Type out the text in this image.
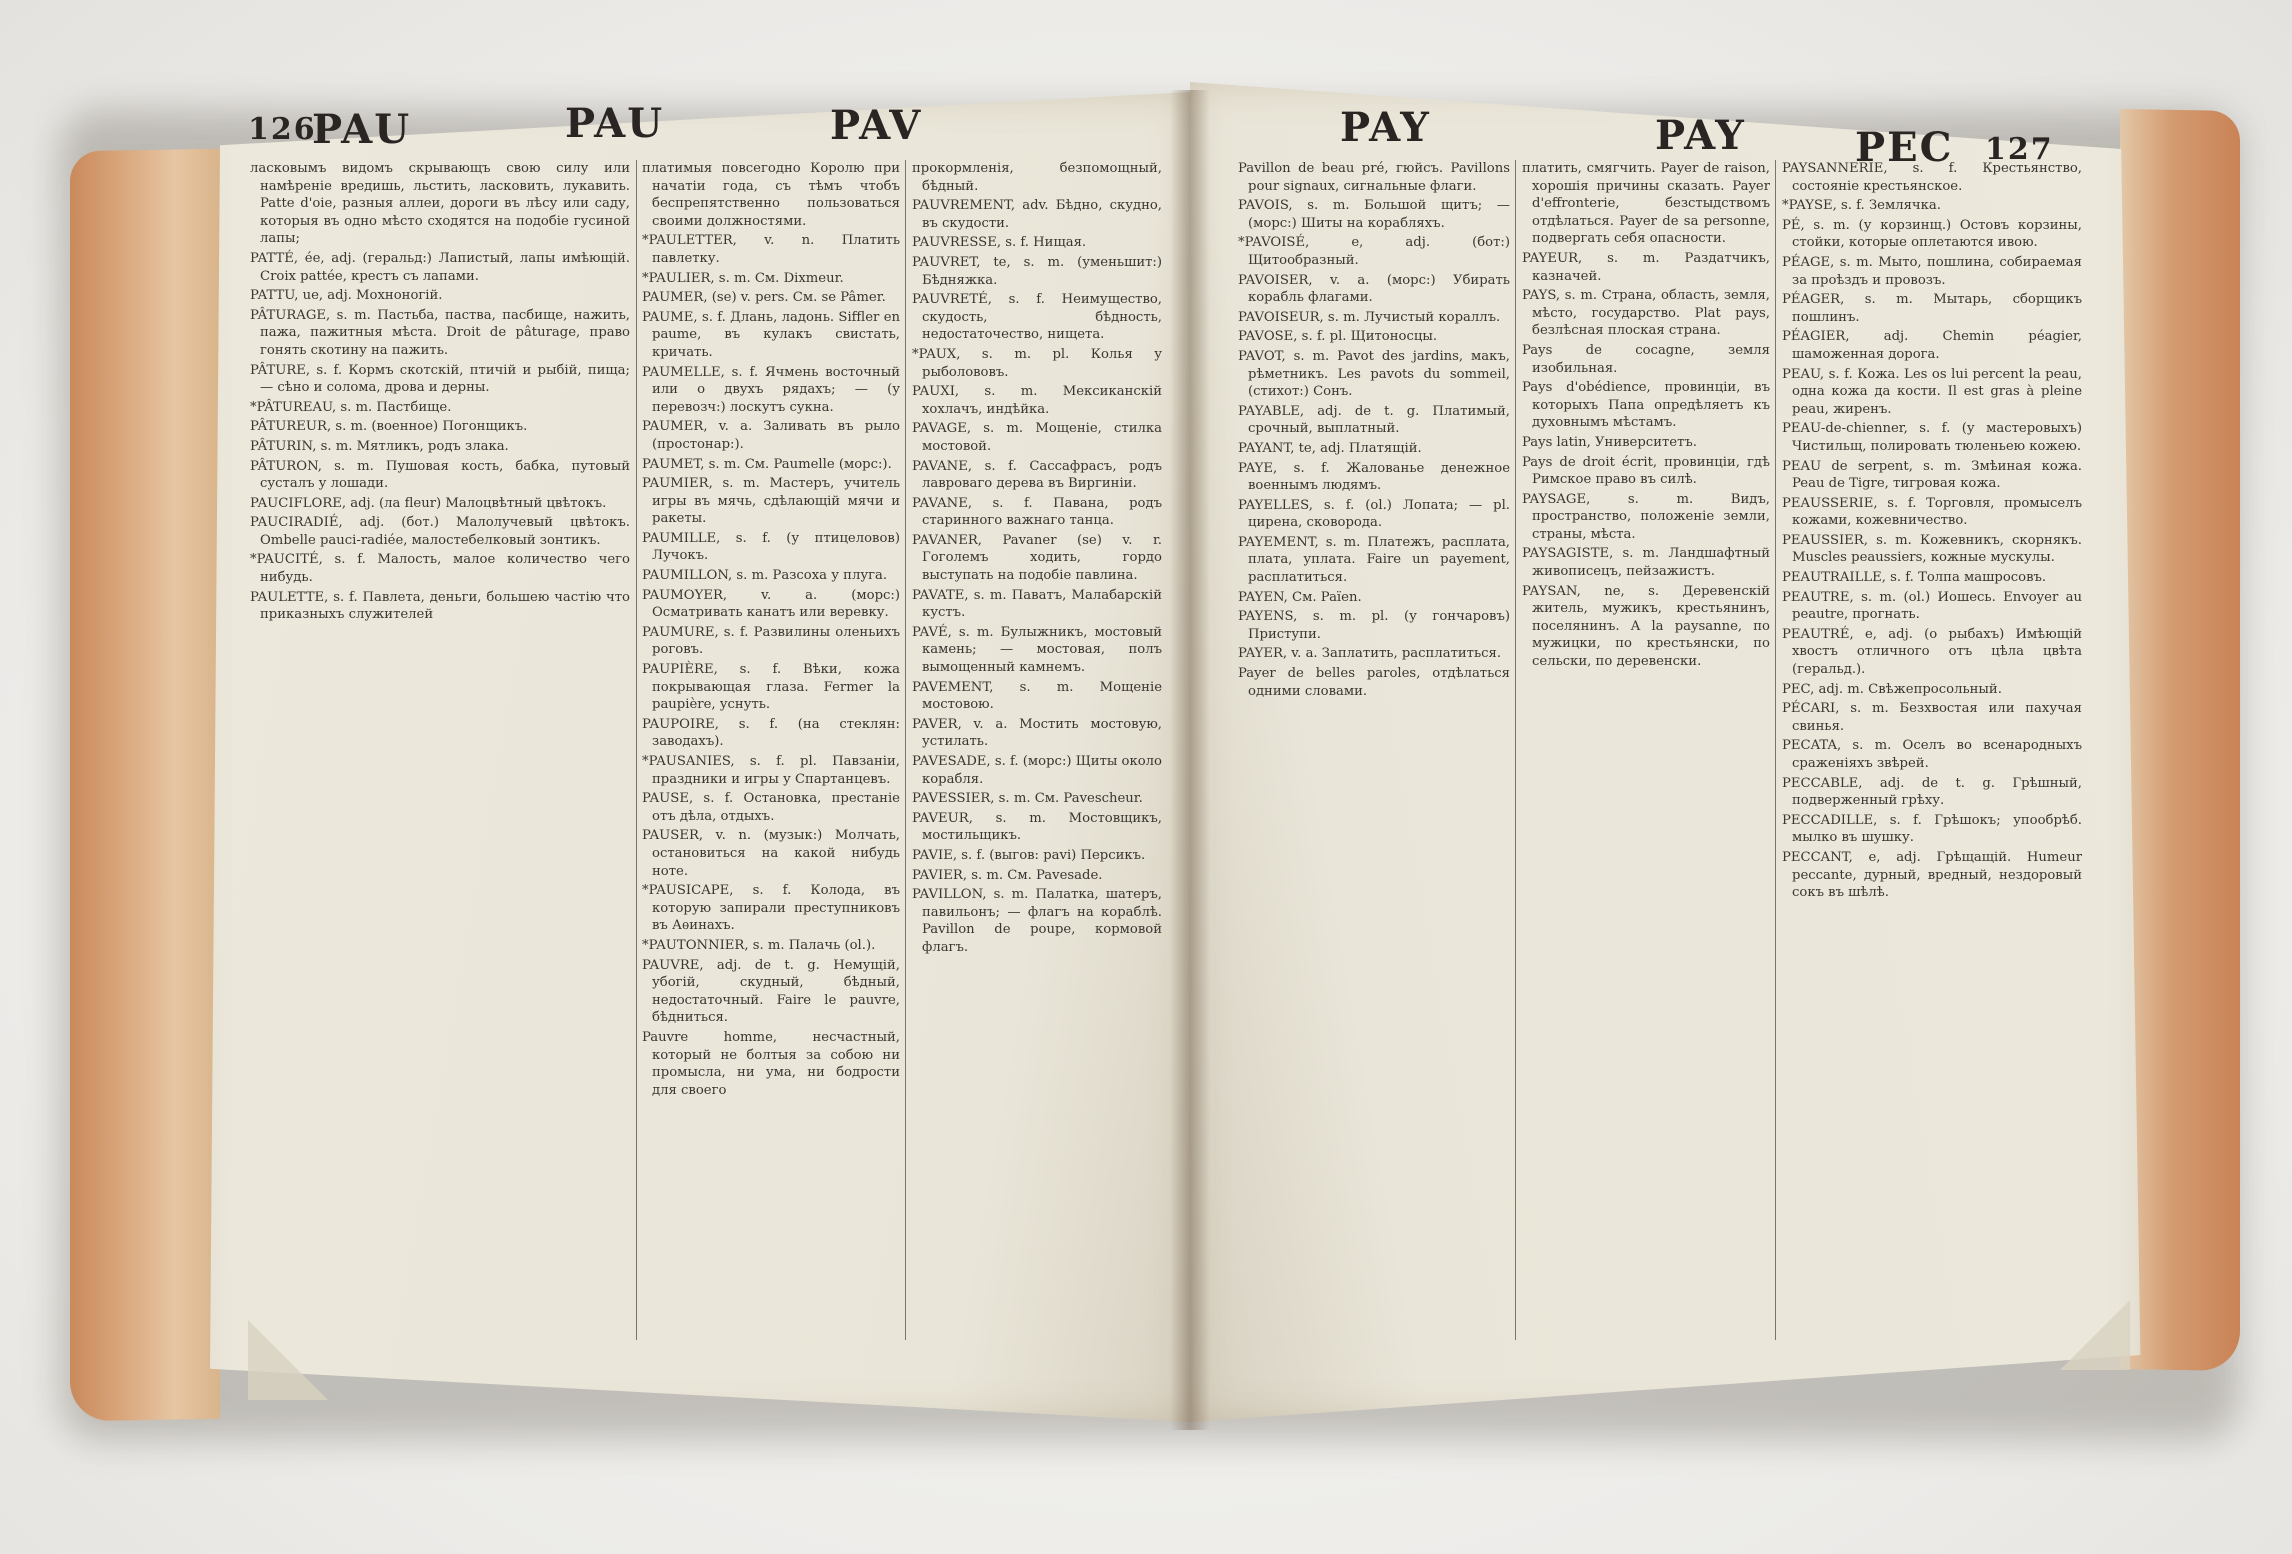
126
PAU	PAU	PAV	PAY	PAY	PEC 127

ласковымъ видомъ скрывающъ свою силу или намѣреніе вредишь, льстить, ласковить, лукавить. Patte d'oie, разныя аллеи, дороги въ лѣсу или саду, которыя въ одно мѣсто сходятся на подобіе гусиной лапы;

PATTÉ, ée, adj. (геральд:) Лапистый, лапы имѣющій. Croix pattée, крестъ съ лапами.

PATTU, ue, adj. Мохноногій.

PÂTURAGE, s. m. Пастьба, паства, пасбище, нажить, пажа, пажитныя мѣста. Droit de pâturage, право гонять скотину на пажить.

PÂTURE, s. f. Кормъ скотскій, птичій и рыбій, пища; — сѣно и солома, дрова и дерны.

*PÂTUREAU, s. m. Пастбище.

PÂTUREUR, s. m. (военное) Погонщикъ.

PÂTURIN, s. m. Мятликъ, родъ злака.

PÂTURON, s. m. Пушовая кость, бабка, путовый сусталъ у лошади.

PAUCIFLORE, adj. (ла fleur) Малоцвѣтный цвѣтокъ.

PAUCIRADIÉ, adj. (бот.) Малолучевый цвѣтокъ. Ombelle pauci-radiée, малостебелковый зонтикъ.

*PAUCITÉ, s. f. Малость, малое количество чего нибудь.

PAULETTE, s. f. Павлета, деньги, большею частію что приказныхъ служителей

платимыя повсегодно Королю при начатіи года, съ тѣмъ чтобъ беспрепятственно пользоваться своими должностями.

*PAULETTER, v. n. Платить павлетку.

*PAULIER, s. m. См. Dixmeur.

PAUMER, (se) v. pers. См. se Pâmer.

PAUME, s. f. Длань, ладонь. Siffler en paume, въ кулакъ свистать, кричать.

PAUMELLE, s. f. Ячмень восточный или о двухъ рядахъ; — (у перевозч:) лоскутъ сукна.

PAUMER, v. a. Заливать въ рыло (простонар:).

PAUMET, s. m. См. Paumelle (морс:).

PAUMIER, s. m. Мастеръ, учитель игры въ мячь, сдѣлающій мячи и ракеты.

PAUMILLE, s. f. (у птицеловов) Лучокъ.

PAUMILLON, s. m. Разсоха у плуга.

PAUMOYER, v. a. (морс:) Осматривать канатъ или веревку.

PAUMURE, s. f. Развилины оленьихъ роговъ.

PAUPIÈRE, s. f. Вѣки, кожа покрывающая глаза. Fermer la paupière, уснуть.

PAUPOIRE, s. f. (на стеклян: заводахъ).

*PAUSANIES, s. f. pl. Павзаніи, праздники и игры у Спартанцевъ.

PAUSE, s. f. Остановка, престаніе отъ дѣла, отдыхъ.

PAUSER, v. n. (музык:) Молчать, остановиться на какой нибудь ноте.

*PAUSICAPE, s. f. Колода, въ которую запирали преступниковъ въ Аѳинахъ.

*PAUTONNIER, s. m. Палачь (ol.).

PAUVRE, adj. de t. g. Немущій, убогій, скудный, бѣдный, недостаточный. Faire le pauvre, бѣдниться.

Pauvre homme, несчастный, который не болтыя за собою ни промысла, ни ума, ни бодрости для своего

прокормленія, безпомощный, бѣдный.

PAUVREMENT, adv. Бѣдно, скудно, въ скудости.

PAUVRESSE, s. f. Нищая.

PAUVRET, te, s. m. (уменьшит:) Бѣдняжка.

PAUVRETÉ, s. f. Неимущество, скудость, бѣдность, недостаточество, нищета.

*PAUX, s. m. pl. Колья у рыболововъ.

PAUXI, s. m. Мексиканскій хохлачъ, индѣйка.

PAVAGE, s. m. Мощеніе, стилка мостовой.

PAVANE, s. f. Сассафрасъ, родъ лавроваго дерева въ Виргиніи.

PAVANE, s. f. Павана, родъ старинного важнаго танца.

PAVANER, Pavaner (se) v. r. Гоголемъ ходить, гордо выступать на подобіе павлина.

PAVATE, s. m. Паватъ, Малабарскій кустъ.

PAVÉ, s. m. Булыжникъ, мостовый камень; — мостовая, полъ вымощенный камнемъ.

PAVEMENT, s. m. Мощеніе мостовою.

PAVER, v. a. Мостить мостовую, устилать.

PAVESADE, s. f. (морс:) Щиты около корабля.

PAVESSIER, s. m. См. Pavescheur.

PAVEUR, s. m. Мостовщикъ, мостильщикъ.

PAVIE, s. f. (выгов: pavi) Персикъ.

PAVIER, s. m. См. Pavesade.

PAVILLON, s. m. Палатка, шатеръ, павильонъ; — флагъ на кораблѣ. Pavillon de poupe, кормовой флагъ.

Pavillon de beau pré, гюйсъ. Pavillons pour signaux, сигнальные флаги.

PAVOIS, s. m. Большой щитъ; — (морс:) Шиты на корабляхъ.

*PAVOISÉ, e, adj. (бот:) Щитообразный.

PAVOISER, v. a. (морс:) Убирать корабль флагами.

PAVOISEUR, s. m. Лучистый кораллъ.

PAVOSE, s. f. pl. Щитоносцы.

PAVOT, s. m. Pavot des jardins, макъ, рѣметникъ. Les pavots du sommeil, (стихот:) Сонъ.

PAYABLE, adj. de t. g. Платимый, срочный, выплатный.

PAYANT, te, adj. Платящій.

PAYE, s. f. Жалованье денежное военнымъ людямъ.

PAYELLES, s. f. (ol.) Лопата; — pl. цирена, сковорода.

PAYEMENT, s. m. Платежъ, расплата, плата, уплата. Faire un payement, расплатиться.

PAYEN, См. Païen.

PAYENS, s. m. pl. (у гончаровъ) Приступи.

PAYER, v. a. Заплатить, расплатиться.

Payer de belles paroles, отдѣлаться одними словами.

платить, смягчить. Payer de raison, хорошія причины сказать. Payer d'effronterie, безстыдствомъ отдѣлаться. Payer de sa personne, подвергать себя опасности.

PAYEUR, s. m. Раздатчикъ, казначей.

PAYS, s. m. Страна, область, земля, мѣсто, государство. Plat pays, безлѣсная плоская страна.

Pays de cocagne, земля изобильная.

Pays d'obédience, провинціи, въ которыхъ Папа опредѣляетъ къ духовнымъ мѣстамъ.

Pays latin, Университетъ.

Pays de droit écrit, провинціи, гдѣ Римское право въ силѣ.

PAYSAGE, s. m. Видъ, пространство, положеніе земли, страны, мѣста.

PAYSAGISTE, s. m. Ландшафтный живописецъ, пейзажистъ.

PAYSAN, ne, s. Деревенскій житель, мужикъ, крестьянинъ, поселянинъ. A la paysanne, по мужицки, по крестьянски, по сельски, по деревенски.

PAYSANNERIE, s. f. Крестьянство, состояніе крестьянское.

*PAYSE, s. f. Землячка.

PÉ, s. m. (у корзинщ.) Остовъ корзины, стойки, которые оплетаются ивою.

PÉAGE, s. m. Мыто, пошлина, собираемая за проѣздъ и провозъ.

PÉAGER, s. m. Мытарь, сборщикъ пошлинъ.

PÉAGIER, adj. Chemin péagier, шаможенная дорога.

PEAU, s. f. Кожа. Les os lui percent la peau, одна кожа да кости. Il est gras à pleine peau, жиренъ.

PEAU-de-chienner, s. f. (у мастеровыхъ) Чистильщ, полировать тюленьею кожею.

PEAU de serpent, s. m. Змѣиная кожа. Peau de Tigre, тигровая кожа.

PEAUSSERIE, s. f. Торговля, промыселъ кожами, кожевничество.

PEAUSSIER, s. m. Кожевникъ, скорнякъ. Muscles peaussiers, кожные мускулы.

PEAUTRAILLE, s. f. Толпа машросовъ.

PEAUTRE, s. m. (ol.) Иошесь. Envoyer au peautre, прогнать.

PEAUTRÉ, e, adj. (о рыбахъ) Имѣющій хвостъ отличного отъ цѣла цвѣта (геральд.).

PEC, adj. m. Свѣжепросольный.

PÉCARI, s. m. Безхвостая или пахучая свинья.

PECATA, s. m. Оселъ во всенародныхъ сраженіяхъ звѣрей.

PECCABLE, adj. de t. g. Грѣшный, подверженный грѣху.

PECCADILLE, s. f. Грѣшокъ; упообрѣб. мылко въ шушку.

PECCANT, e, adj. Грѣщащій. Humeur peccante, дурный, вредный, нездоровый сокъ въ шѣлѣ.
